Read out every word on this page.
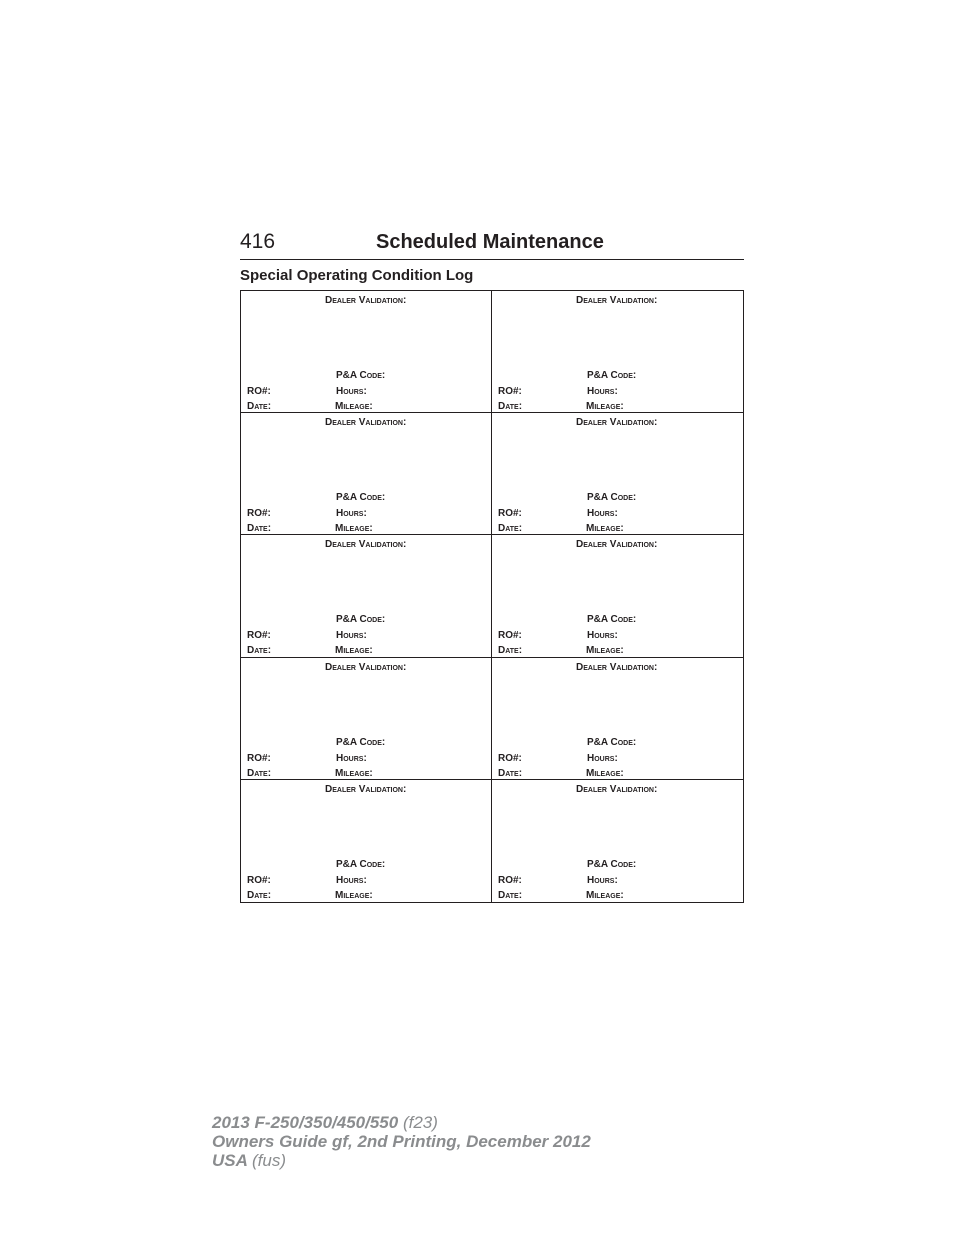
416	Scheduled Maintenance
Special Operating Condition Log
Dealer Validation:
P&A Code:
RO#:	Hours:
Date:	Mileage:
Dealer Validation:
P&A Code:
RO#:	Hours:
Date:	Mileage:
Dealer Validation:
P&A Code:
RO#:	Hours:
Date:	Mileage:
Dealer Validation:
P&A Code:
RO#:	Hours:
Date:	Mileage:
Dealer Validation:
P&A Code:
RO#:	Hours:
Date:	Mileage:
Dealer Validation:
P&A Code:
RO#:	Hours:
Date:	Mileage:
Dealer Validation:
P&A Code:
RO#:	Hours:
Date:	Mileage:
Dealer Validation:
P&A Code:
RO#:	Hours:
Date:	Mileage:
Dealer Validation:
P&A Code:
RO#:	Hours:
Date:	Mileage:
Dealer Validation:
P&A Code:
RO#:	Hours:
Date:	Mileage:
2013 F-250/350/450/550 (f23)
Owners Guide gf, 2nd Printing, December 2012
USA (fus)
